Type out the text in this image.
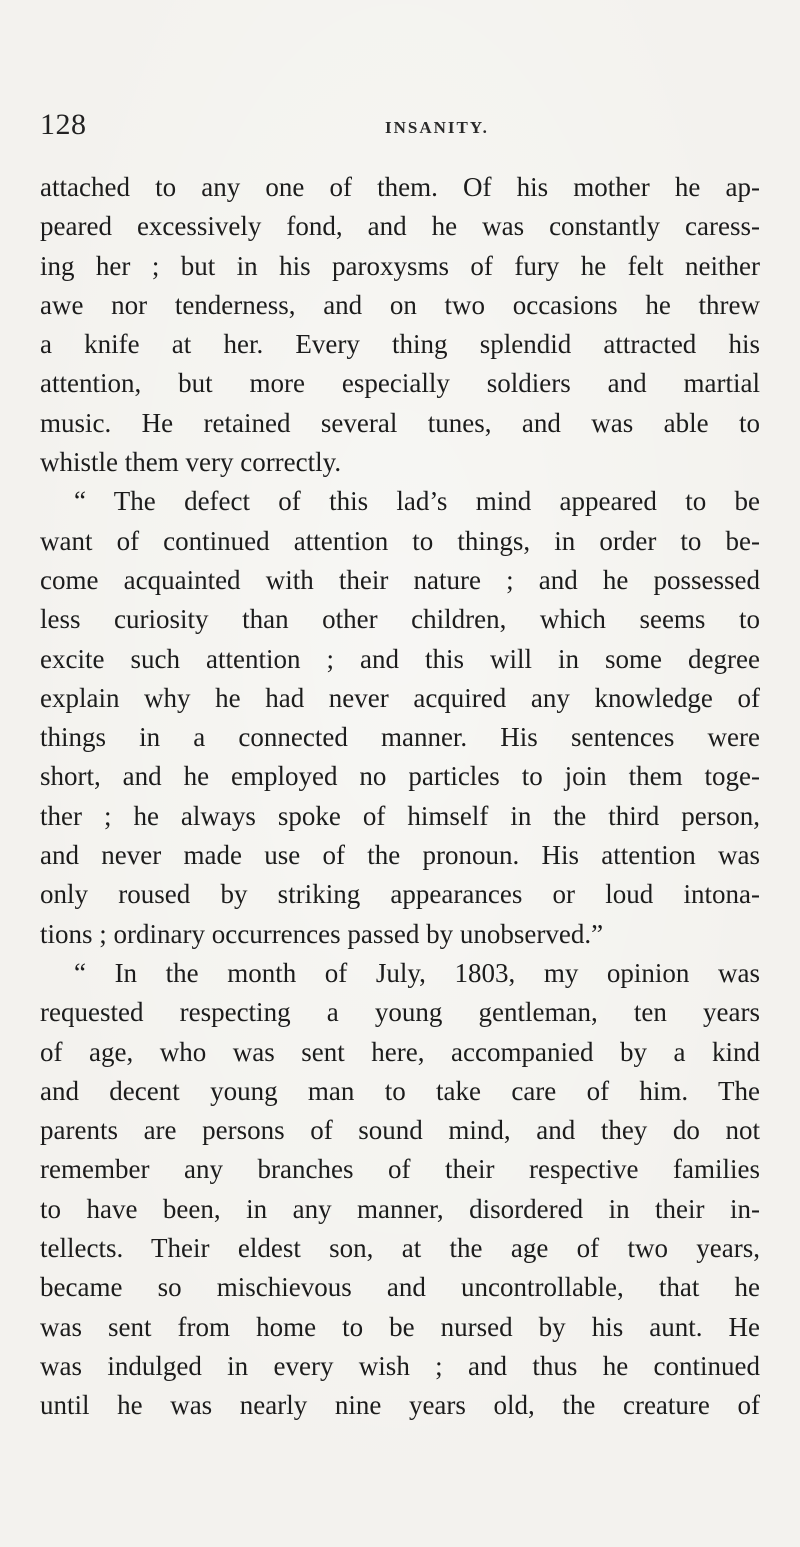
128	INSANITY.
attached to any one of them. Of his mother he ap-
peared excessively fond, and he was constantly caress-
ing her ; but in his paroxysms of fury he felt neither
awe nor tenderness, and on two occasions he threw
a knife at her. Every thing splendid attracted his
attention, but more especially soldiers and martial
music. He retained several tunes, and was able to
whistle them very correctly.
“ The defect of this lad’s mind appeared to be
want of continued attention to things, in order to be-
come acquainted with their nature ; and he possessed
less curiosity than other children, which seems to
excite such attention ; and this will in some degree
explain why he had never acquired any knowledge of
things in a connected manner. His sentences were
short, and he employed no particles to join them toge-
ther ; he always spoke of himself in the third person,
and never made use of the pronoun. His attention was
only roused by striking appearances or loud intona-
tions ; ordinary occurrences passed by unobserved.”
“ In the month of July, 1803, my opinion was
requested respecting a young gentleman, ten years
of age, who was sent here, accompanied by a kind
and decent young man to take care of him. The
parents are persons of sound mind, and they do not
remember any branches of their respective families
to have been, in any manner, disordered in their in-
tellects. Their eldest son, at the age of two years,
became so mischievous and uncontrollable, that he
was sent from home to be nursed by his aunt. He
was indulged in every wish ; and thus he continued
until he was nearly nine years old, the creature of
